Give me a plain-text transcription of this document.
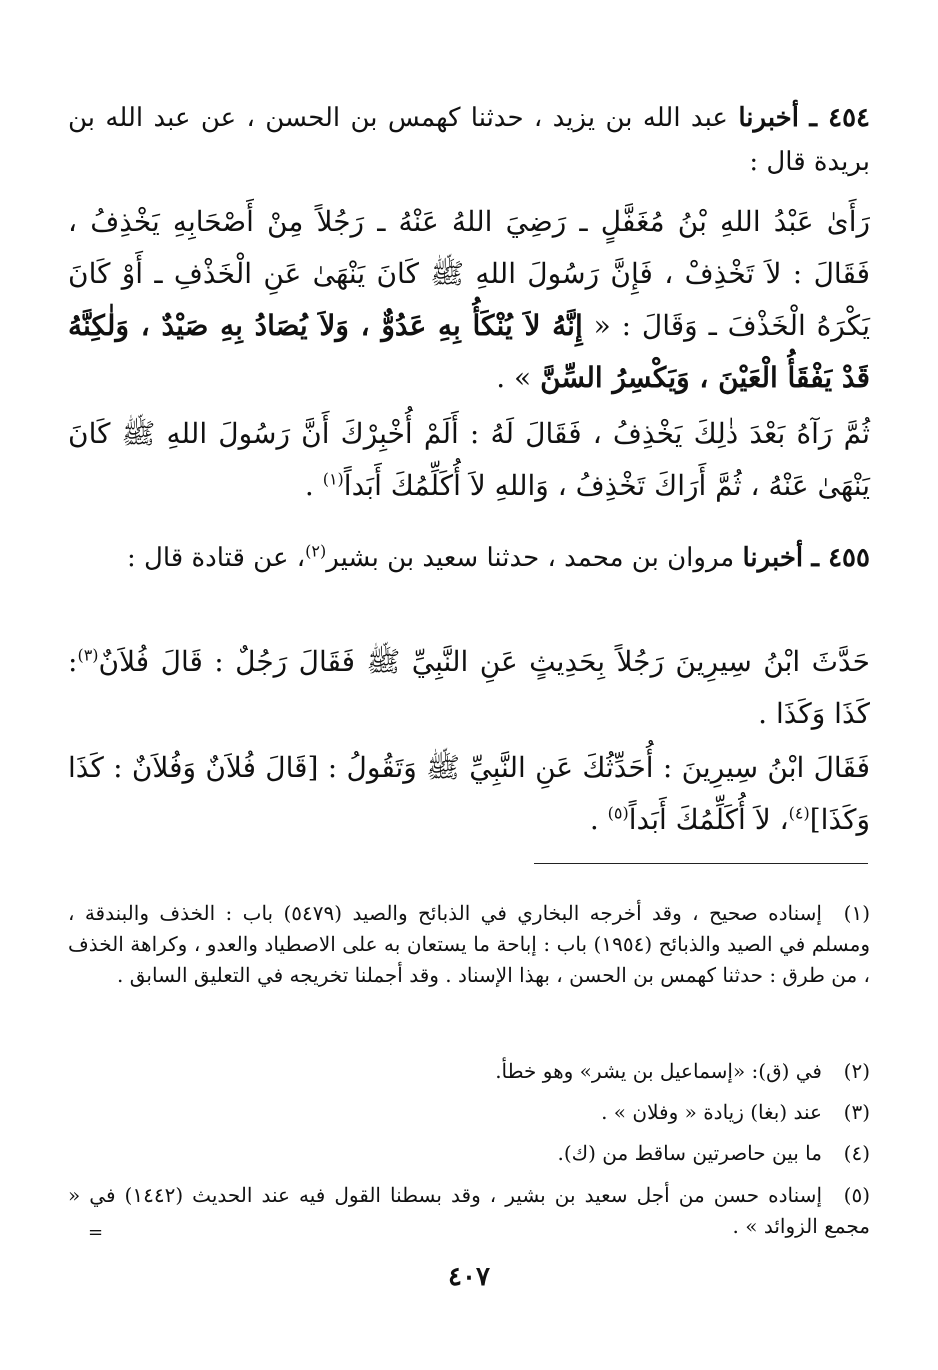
٤٥٤ ـ أخبرنا عبد الله بن يزيد ، حدثنا كهمس بن الحسن ، عن عبد الله بن بريدة قال :
رَأَىٰ عَبْدُ اللهِ بْنُ مُغَفَّلٍ ـ رَضِيَ اللهُ عَنْهُ ـ رَجُلاً مِنْ أَصْحَابِهِ يَخْذِفُ ، فَقَالَ : لاَ تَخْذِفْ ، فَإِنَّ رَسُولَ اللهِ ﷺ كَانَ يَنْهَىٰ عَنِ الْخَذْفِ ـ أَوْ كَانَ يَكْرَهُ الْخَذْفَ ـ وَقَالَ : « إِنَّهُ لاَ يُنْكَأُ بِهِ عَدُوٌّ ، وَلاَ يُصَادُ بِهِ صَيْدٌ ، وَلٰكِنَّهُ قَدْ يَفْقَأُ الْعَيْنَ ، وَيَكْسِرُ السِّنَّ » .
ثُمَّ رَآهُ بَعْدَ ذٰلِكَ يَخْذِفُ ، فَقَالَ لَهُ : أَلَمْ أُخْبِرْكَ أَنَّ رَسُولَ اللهِ ﷺ كَانَ يَنْهَىٰ عَنْهُ ، ثُمَّ أَرَاكَ تَخْذِفُ ، وَاللهِ لاَ أُكَلِّمُكَ أَبَداً$^{(١)}$ .
٤٥٥ ـ أخبرنا مروان بن محمد ، حدثنا سعيد بن بشير$^{(٢)}$، عن قتادة قال :
حَدَّثَ ابْنُ سِيرِينَ رَجُلاً بِحَدِيثٍ عَنِ النَّبِيِّ ﷺ فَقَالَ رَجُلٌ : قَالَ فُلاَنٌ$^{(٣)}$: كَذَا وَكَذَا .
فَقَالَ ابْنُ سِيرِينَ : أُحَدِّثُكَ عَنِ النَّبِيِّ ﷺ وَتَقُولُ : [قَالَ فُلاَنٌ وَفُلاَنٌ : كَذَا وَكَذَا]$^{(٤)}$، لاَ أُكَلِّمُكَ أَبَداً$^{(٥)}$ .
(١)إسناده صحيح ، وقد أخرجه البخاري في الذبائح والصيد (٥٤٧٩) باب : الخذف والبندقة ، ومسلم في الصيد والذبائح (١٩٥٤) باب : إباحة ما يستعان به على الاصطياد والعدو ، وكراهة الخذف ، من طرق : حدثنا كهمس بن الحسن ، بهذا الإسناد . وقد أجملنا تخريجه في التعليق السابق .
(٢)في (ق): «إسماعيل بن يشر» وهو خطأ.
(٣)عند (بغا) زيادة « وفلان » .
(٤)ما بين حاصرتين ساقط من (ك).
(٥)إسناده حسن من أجل سعيد بن بشير ، وقد بسطنا القول فيه عند الحديث (١٤٤٢) في « مجمع الزوائد » .
=
٤٠٧
